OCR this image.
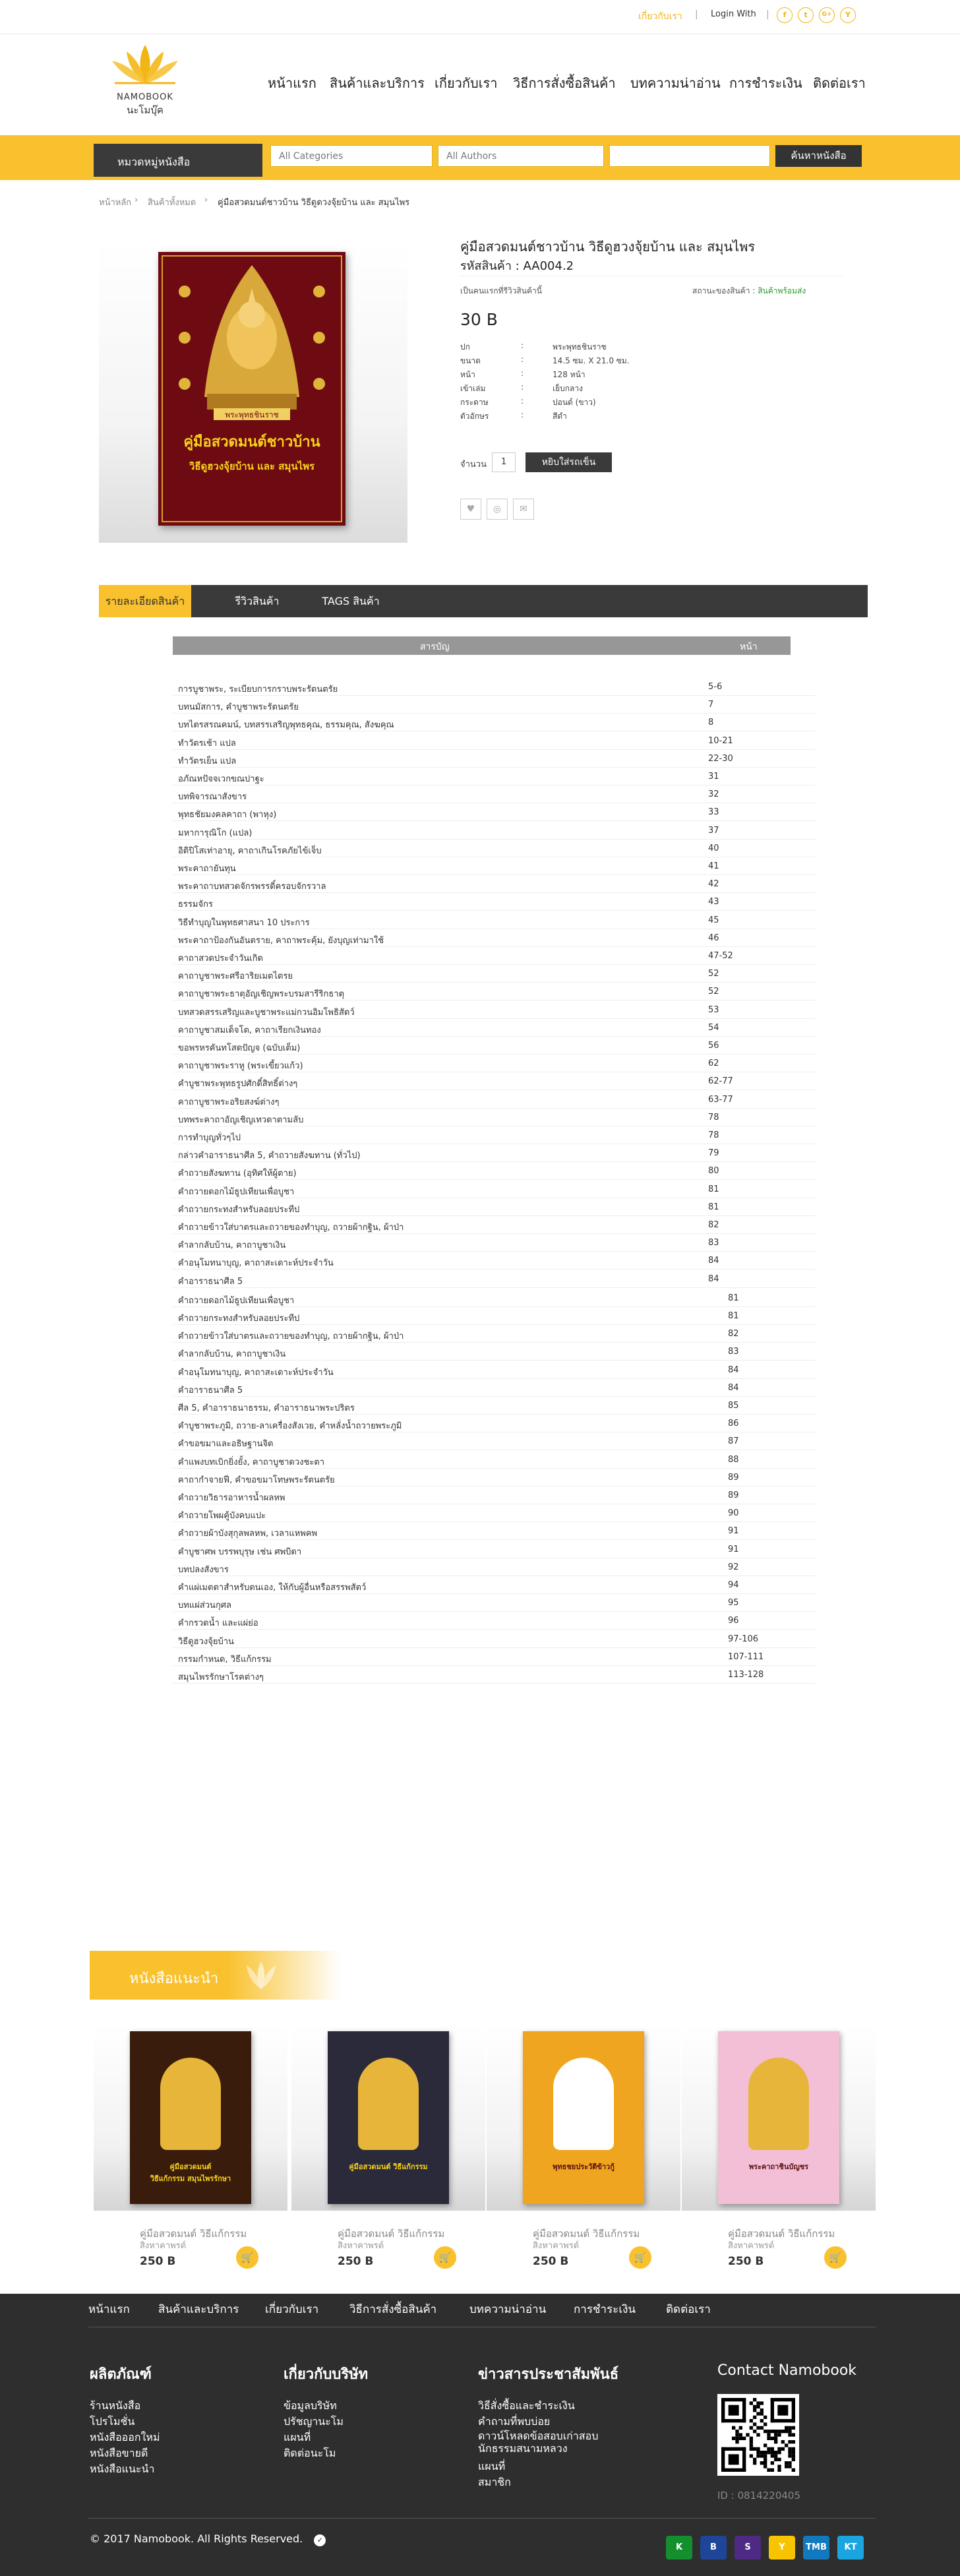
เกี่ยวกับเรา | Login With |	f	t	G+	Y
NAMOBOOK
นะโมบุ๊ค
หน้าแรก สินค้าและบริการ เกี่ยวกับเรา วิธีการสั่งซื้อสินค้า บทความน่าอ่าน การชำระเงิน ติดต่อเรา
หมวดหมู่หนังสือ	All Categories	All Authors	ค้นหาหนังสือ
หน้าหลัก › สินค้าทั้งหมด › คู่มือสวดมนต์ชาวบ้าน วิธีดูดวงจุ้ยบ้าน และ สมุนไพร
พระพุทธชินราช
คู่มือสวดมนต์ชาวบ้าน
วิธีดูฮวงจุ้ยบ้าน และ สมุนไพร
คู่มือสวดมนต์ชาวบ้าน วิธีดูฮวงจุ้ยบ้าน และ สมุนไพร
รหัสสินค้า : AA004.2
เป็นคนแรกที่รีวิวสินค้านี้	สถานะของสินค้า : สินค้าพร้อมส่ง
30 B
ปก	:	พระพุทธชินราช
ขนาด	:	14.5 ซม. X 21.0 ซม.
หน้า	:	128 หน้า
เข้าเล่ม	:	เย็บกลาง
กระดาษ	:	ปอนด์ (ขาว)
ตัวอักษร	:	สีดำ
จำนวน	1	หยิบใส่รถเข็น
♥	◎	✉
รายละเอียดสินค้า	รีวิวสินค้า	TAGS สินค้า
สารบัญ	หน้า
การบูชาพระ, ระเบียบการกราบพระรัตนตรัย	5-6
บทนมัสการ, คำบูชาพระรัตนตรัย	7
บทไตรสรณคมน์, บทสรรเสริญพุทธคุณ, ธรรมคุณ, สังฆคุณ	8
ทำวัตรเช้า แปล	10-21
ทำวัตรเย็น แปล	22-30
อภัณหปัจจเวกขณปาฐะ	31
บทพิจารณาสังขาร	32
พุทธชัยมงคลคาถา (พาหุง)	33
มหาการุณิโก (แปล)	37
อิติปิโสเท่าอายุ, คาถาเกินโรคภัยไข้เจ็บ	40
พระคาถายันทุน	41
พระคาถาบทสวดจักรพรรดิ์ครอบจักรวาล	42
ธรรมจักร	43
วิธีทำบุญในพุทธศาสนา 10 ประการ	45
พระคาถาป้องกันอันตราย, คาถาพระคุ้ม, ยังบุญเท่ามาใช้	46
คาถาสวดประจำวันเกิด	47-52
คาถาบูชาพระศรีอาริยเมตไตรย	52
คาถาบูชาพระธาตุอัญเชิญพระบรมสารีริกธาตุ	52
บทสวดสรรเสริญและบูชาพระแม่กวนอิมโพธิสัตว์	53
คาถาบูชาสมเด็จโต, คาถาเรียกเงินทอง	54
ขอพรหรคันทโสดปัญจ (ฉบับเต็ม)	56
คาถาบูชาพระราหู (พระเขี้ยวแก้ว)	62
คำบูชาพระพุทธรูปศักดิ์สิทธิ์ต่างๆ	62-77
คาถาบูชาพระอริยสงฆ์ต่างๆ	63-77
บทพระคาถาอัญเชิญเทวดาตามลับ	78
การทำบุญทั่วๆไป	78
กล่าวคำอาราธนาศีล 5, คำถวายสังฆทาน (ทั่วไป)	79
คำถวายสังฆทาน (อุทิศให้ผู้ตาย)	80
คำถวายดอกไม้ธูปเทียนเพื่อบูชา	81
คำถวายกระทงสำหรับลอยประทีป	81
คำถวายข้าวใส่บาตรและถวายของทำบุญ, ถวายผ้ากฐิน, ผ้าป่า	82
คำลากลับบ้าน, คาถาบูชาเงิน	83
คำอนุโมทนาบุญ, คาถาสะเดาะห์ประจำวัน	84
คำอาราธนาศีล 5	84
คำถวายดอกไม้ธูปเทียนเพื่อบูชา	81
คำถวายกระทงสำหรับลอยประทีป	81
คำถวายข้าวใส่บาตรและถวายของทำบุญ, ถวายผ้ากฐิน, ผ้าป่า	82
คำลากลับบ้าน, คาถาบูชาเงิน	83
คำอนุโมทนาบุญ, คาถาสะเดาะห์ประจำวัน	84
คำอาราธนาศีล 5	84
ศีล 5, คำอาราธนาธรรม, คำอาราธนาพระปริตร	85
คำบูชาพระภูมิ, ถวาย-ลาเครื่องสังเวย, คำหลั่งน้ำถวายพระภูมิ	86
คำขอขมาและอธิษฐานจิต	87
คำแพงบทเบิกยิ่งยั้ง, คาถาบูชาดวงชะตา	88
คาถากำจายฟี, คำขอขมาโทษพระรัตนตรัย	89
คำถวายวิธารอาหารน้ำผลหพ	89
คำถวายโพผคู้บังคบแปะ	90
คำถวายผ้าบังสุกุลพลหพ, เวลาแหพคพ	91
คำบูชาศพ บรรพบุรุษ เช่น ศพบิดา	91
บทปลงสังขาร	92
คำแผ่เมตตาสำหรับตนเอง, ให้กับผู้อื่นหรือสรรพสัตว์	94
บทแผ่ส่วนกุศล	95
คำกรวดน้ำ และแผ่ย่อ	96
วิธีดูฮวงจุ้ยบ้าน	97-106
กรรมกำหนด, วิธีแก้กรรม	107-111
สมุนไพรรักษาโรคต่างๆ	113-128
หนังสือแนะนำ
คู่มือสวดมนต์
วิธีแก้กรรม สมุนไพรรักษา
คู่มือสวดมนต์ วิธีแก้กรรม
สิงหาคาพรต์
250 B	🛒
คู่มือสวดมนต์ วิธีแก้กรรม
คู่มือสวดมนต์ วิธีแก้กรรม
สิงหาคาพรต์
250 B	🛒
พุทธชยประวัติข้าวกู้
คู่มือสวดมนต์ วิธีแก้กรรม
สิงหาคาพรต์
250 B	🛒
พระคาถาชินบัญชร
คู่มือสวดมนต์ วิธีแก้กรรม
สิงหาคาพรต์
250 B	🛒
หน้าแรก	สินค้าและบริการ เกี่ยวกับเรา	วิธีการสั่งซื้อสินค้า	บทความน่าอ่าน การชำระเงิน	ติดต่อเรา
ผลิตภัณฑ์	เกี่ยวกับบริษัท	ข่าวสารประชาสัมพันธ์	Contact Namobook
ร้านหนังสือ
โปรโมชั่น
หนังสือออกใหม่
หนังสือขายดี
หนังสือแนะนำ
ข้อมูลบริษัท
ปรัชญานะโม
แผนที่
ติดต่อนะโม
วิธีสั่งซื้อและชำระเงิน
คำถามที่พบบ่อย
ดาวน์โหลดข้อสอบเก่าสอบนักธรรมสนามหลวง
แผนที่
สมาชิก
ID : 0814220405
© 2017 Namobook. All Rights Reserved. ✓
K	B	S	Y	TMB	KT
